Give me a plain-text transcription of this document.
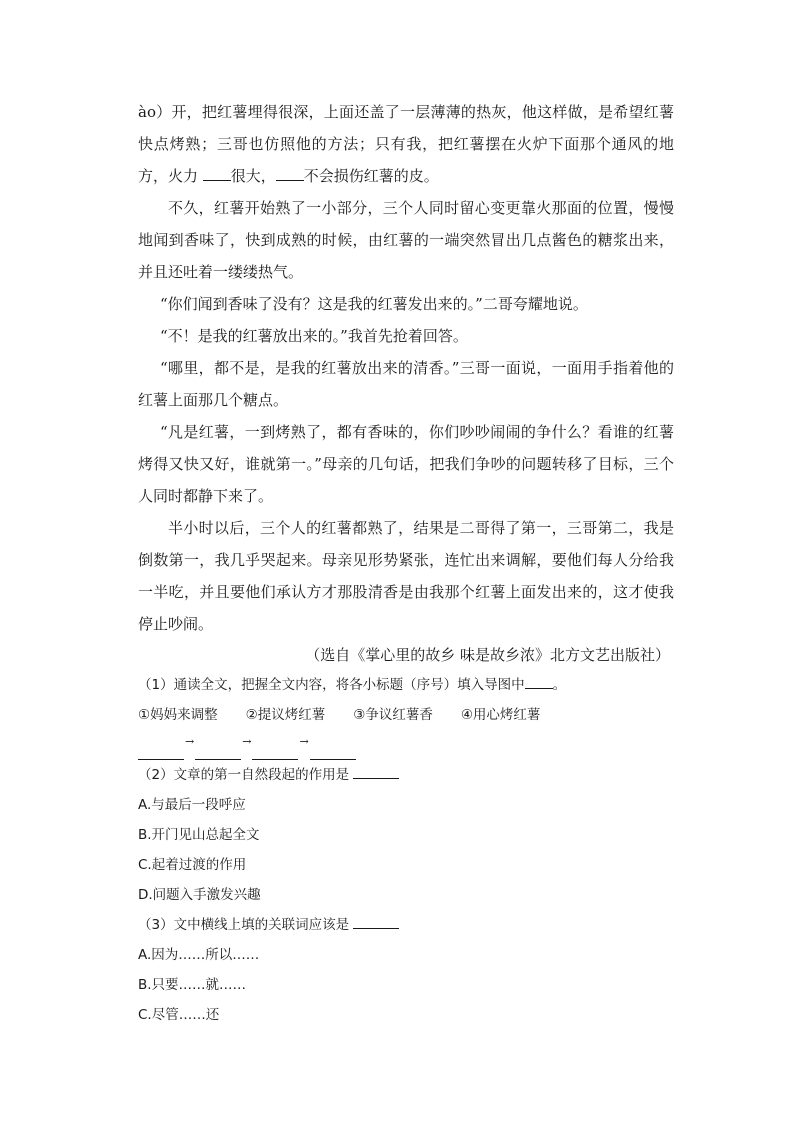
ào）开，把红薯埋得很深，上面还盖了一层薄薄的热灰，他这样做，是希望红薯快点烤熟；三哥也仿照他的方法；只有我，把红薯摆在火炉下面那个通风的地方，火力 很大， 不会损伤红薯的皮。

不久，红薯开始熟了一小部分，三个人同时留心变更靠火那面的位置，慢慢地闻到香味了，快到成熟的时候，由红薯的一端突然冒出几点酱色的糖浆出来，并且还吐着一缕缕热气。

“你们闻到香味了没有？这是我的红薯发出来的。”二哥夸耀地说。

“不！是我的红薯放出来的。”我首先抢着回答。

“哪里，都不是，是我的红薯放出来的清香。”三哥一面说，一面用手指着他的红薯上面那几个糖点。

“凡是红薯，一到烤熟了，都有香味的，你们吵吵闹闹的争什么？看谁的红薯烤得又快又好，谁就第一。”母亲的几句话，把我们争吵的问题转移了目标，三个人同时都静下来了。

半小时以后，三个人的红薯都熟了，结果是二哥得了第一，三哥第二，我是倒数第一，我几乎哭起来。母亲见形势紧张，连忙出来调解，要他们每人分给我一半吃，并且要他们承认方才那股清香是由我那个红薯上面发出来的，这才使我停止吵闹。

（选自《掌心里的故乡 味是故乡浓》北方文艺出版社）

（1）通读全文，把握全文内容，将各小标题（序号）填入导图中 。

①妈妈来调整 ②提议烤红薯 ③争议红薯香 ④用心烤红薯
→	→	→

（2）文章的第一自然段起的作用是

A.与最后一段呼应

B.开门见山总起全文

C.起着过渡的作用

D.问题入手激发兴趣

（3）文中横线上填的关联词应该是

A.因为……所以……

B.只要……就……

C.尽管……还
